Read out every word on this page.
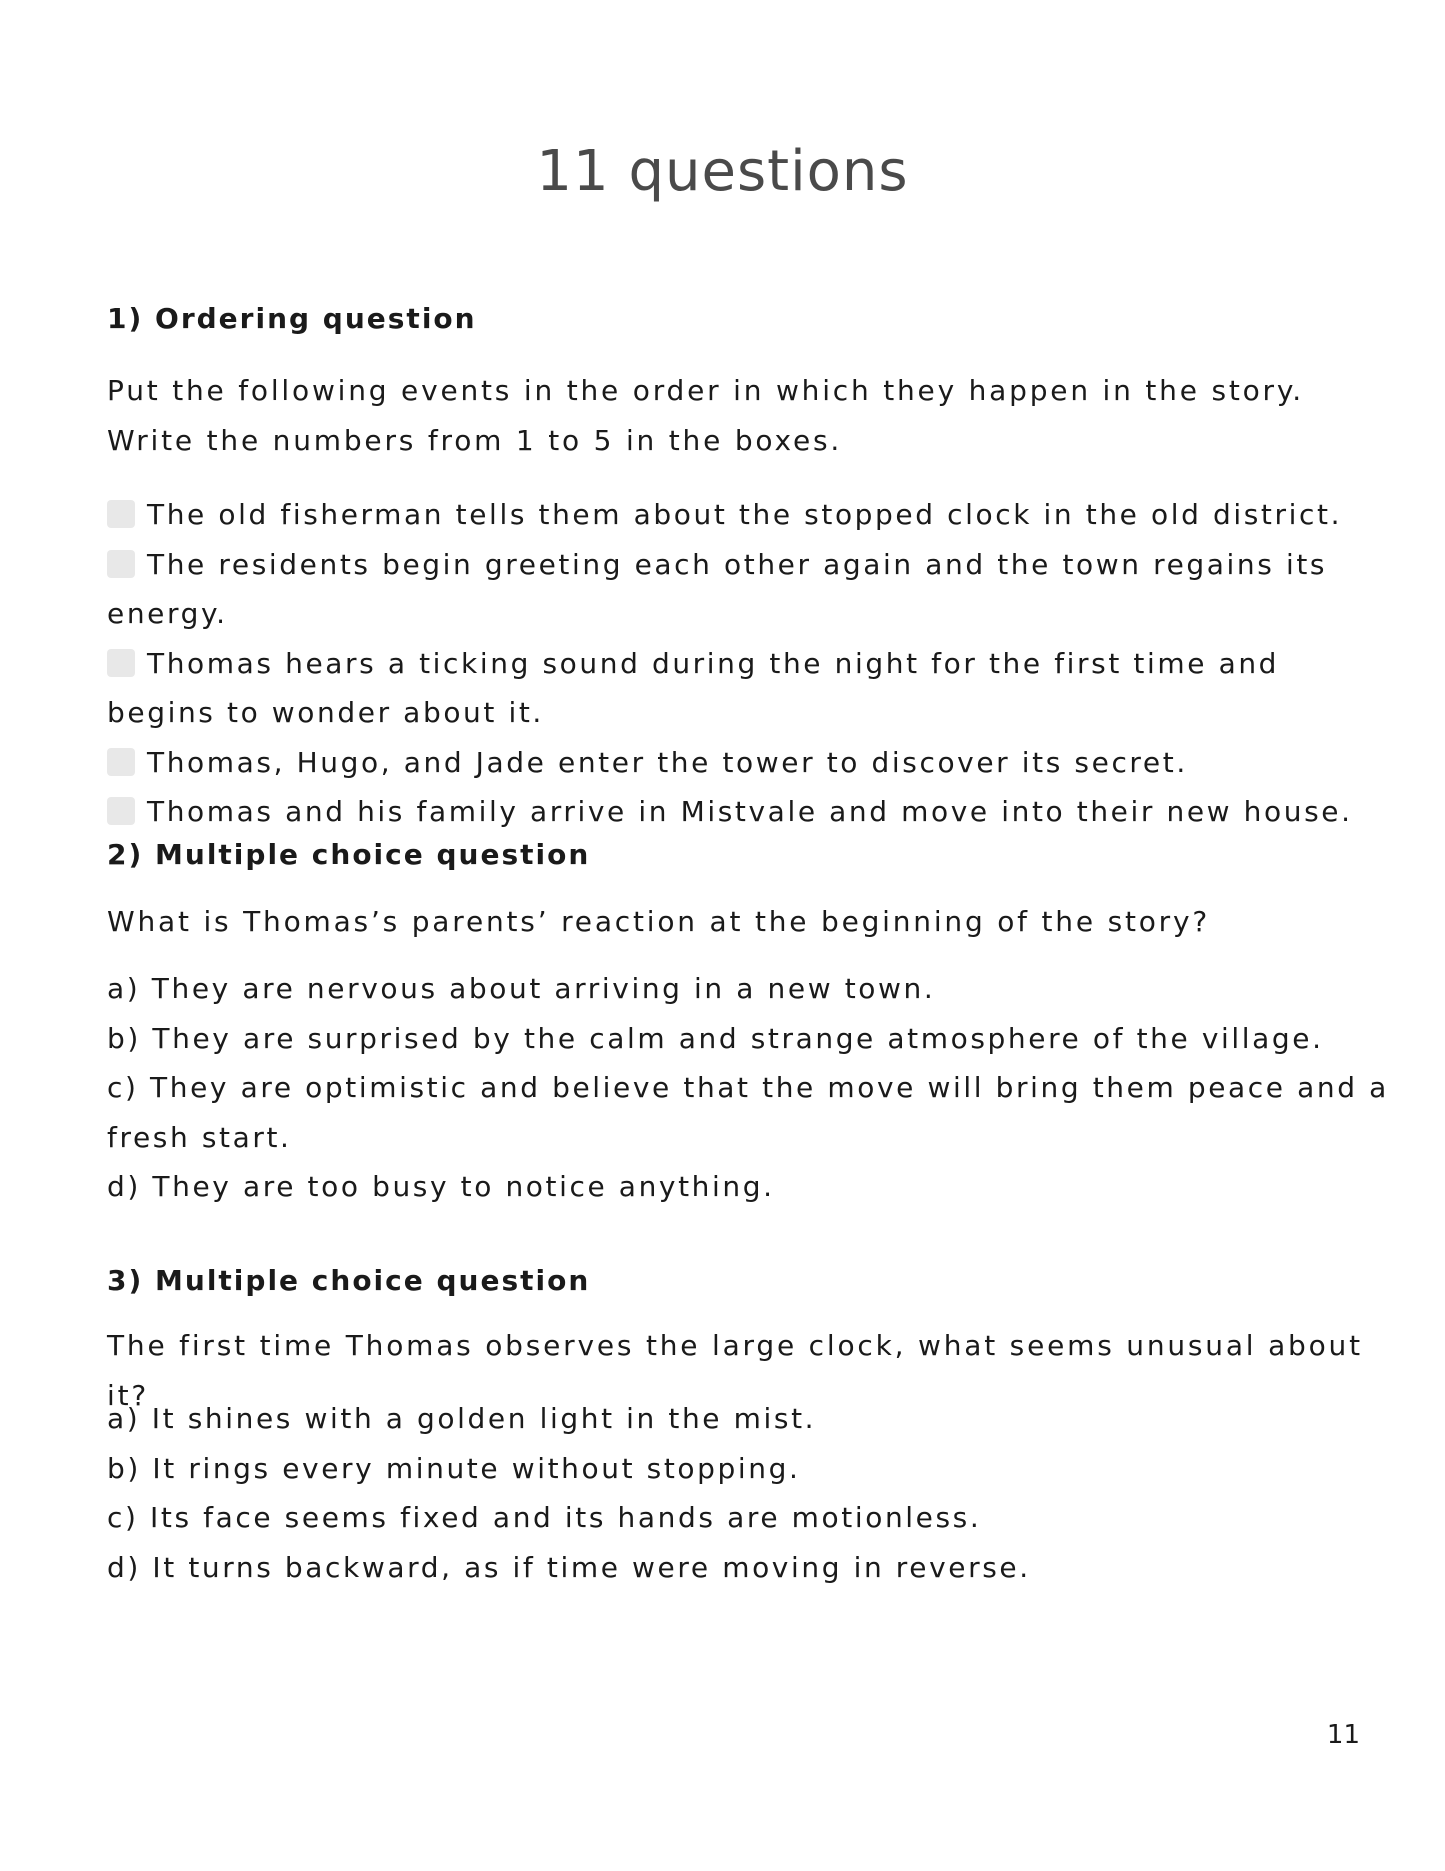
11 questions
1) Ordering question

Put the following events in the order in which they happen in the story. Write the numbers from 1 to 5 in the boxes.

The old fisherman tells them about the stopped clock in the old district.
The residents begin greeting each other again and the town regains its energy.
Thomas hears a ticking sound during the night for the first time and begins to wonder about it.
Thomas, Hugo, and Jade enter the tower to discover its secret.
Thomas and his family arrive in Mistvale and move into their new house.
2) Multiple choice question

What is Thomas’s parents’ reaction at the beginning of the story?

a) They are nervous about arriving in a new town.
b) They are surprised by the calm and strange atmosphere of the village.
c) They are optimistic and believe that the move will bring them peace and a fresh start.
d) They are too busy to notice anything.
3) Multiple choice question

The first time Thomas observes the large clock, what seems unusual about it?

a) It shines with a golden light in the mist.
b) It rings every minute without stopping.
c) Its face seems fixed and its hands are motionless.
d) It turns backward, as if time were moving in reverse.
11
